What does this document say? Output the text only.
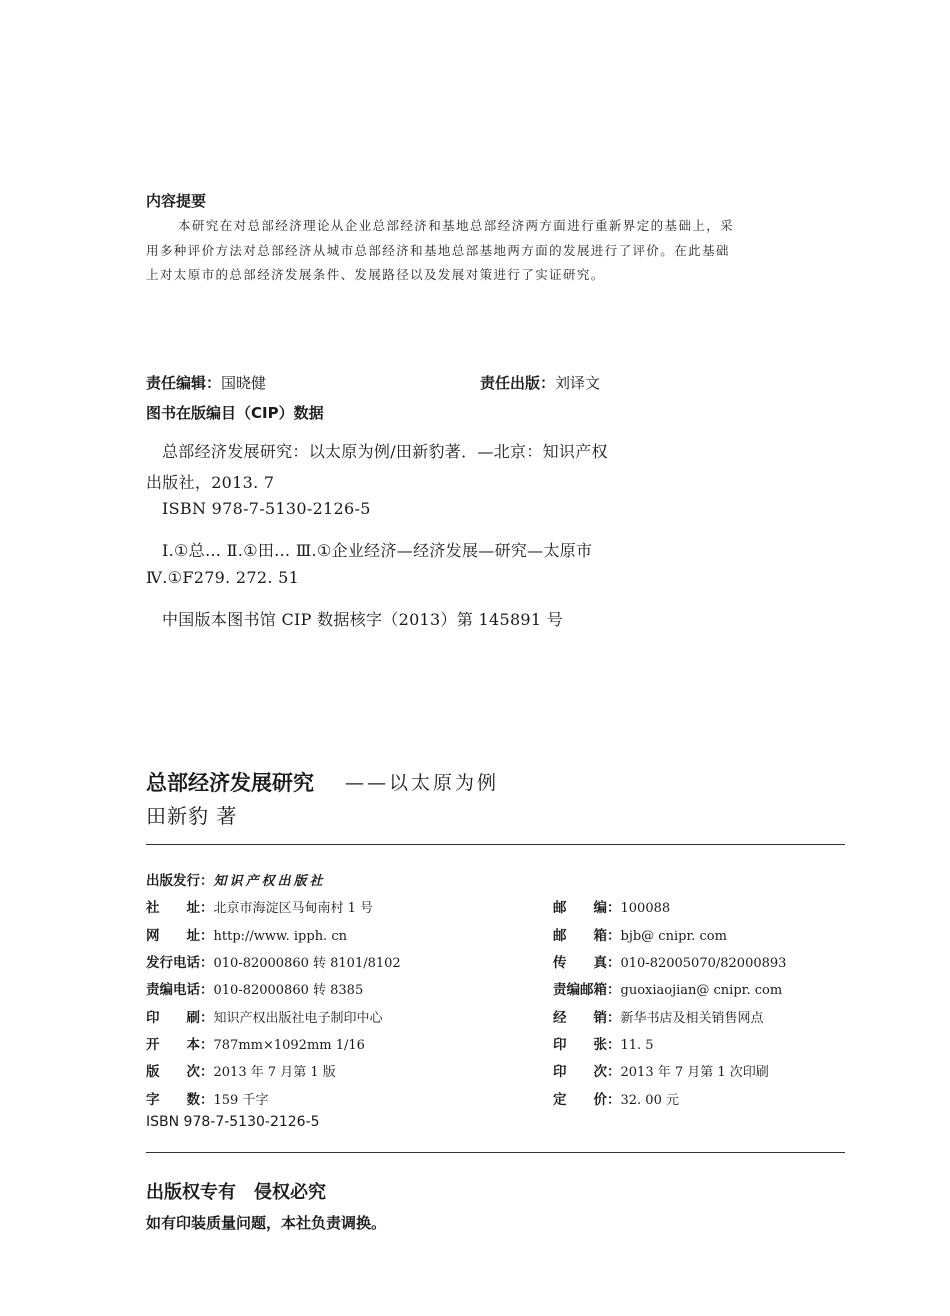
内容提要
本研究在对总部经济理论从企业总部经济和基地总部经济两方面进行重新界定的基础上，采
用多种评价方法对总部经济从城市总部经济和基地总部基地两方面的发展进行了评价。在此基础
上对太原市的总部经济发展条件、发展路径以及发展对策进行了实证研究。
责任编辑：国晓健	责任出版：刘译文
图书在版编目（CIP）数据
总部经济发展研究：以太原为例/田新豹著．—北京：知识产权
出版社，2013. 7
ISBN 978-7-5130-2126-5
Ⅰ.①总… Ⅱ.①田… Ⅲ.①企业经济—经济发展—研究—太原市
Ⅳ.①F279. 272. 51
中国版本图书馆 CIP 数据核字（2013）第 145891 号
总部经济发展研究 ——以太原为例
田新豹 著
出版发行：知识产权出版社
社　　址：北京市海淀区马甸南村 1 号
网　　址：http://www. ipph. cn
发行电话：010-82000860 转 8101/8102
责编电话：010-82000860 转 8385
印　　刷：知识产权出版社电子制印中心
开　　本：787mm×1092mm 1/16
版　　次：2013 年 7 月第 1 版
字　　数：159 千字
邮　　编：100088
邮　　箱：bjb@ cnipr. com
传　　真：010-82005070/82000893
责编邮箱：guoxiaojian@ cnipr. com
经　　销：新华书店及相关销售网点
印　　张：11. 5
印　　次：2013 年 7 月第 1 次印刷
定　　价：32. 00 元
ISBN 978-7-5130-2126-5
出版权专有　侵权必究
如有印装质量问题，本社负责调换。
